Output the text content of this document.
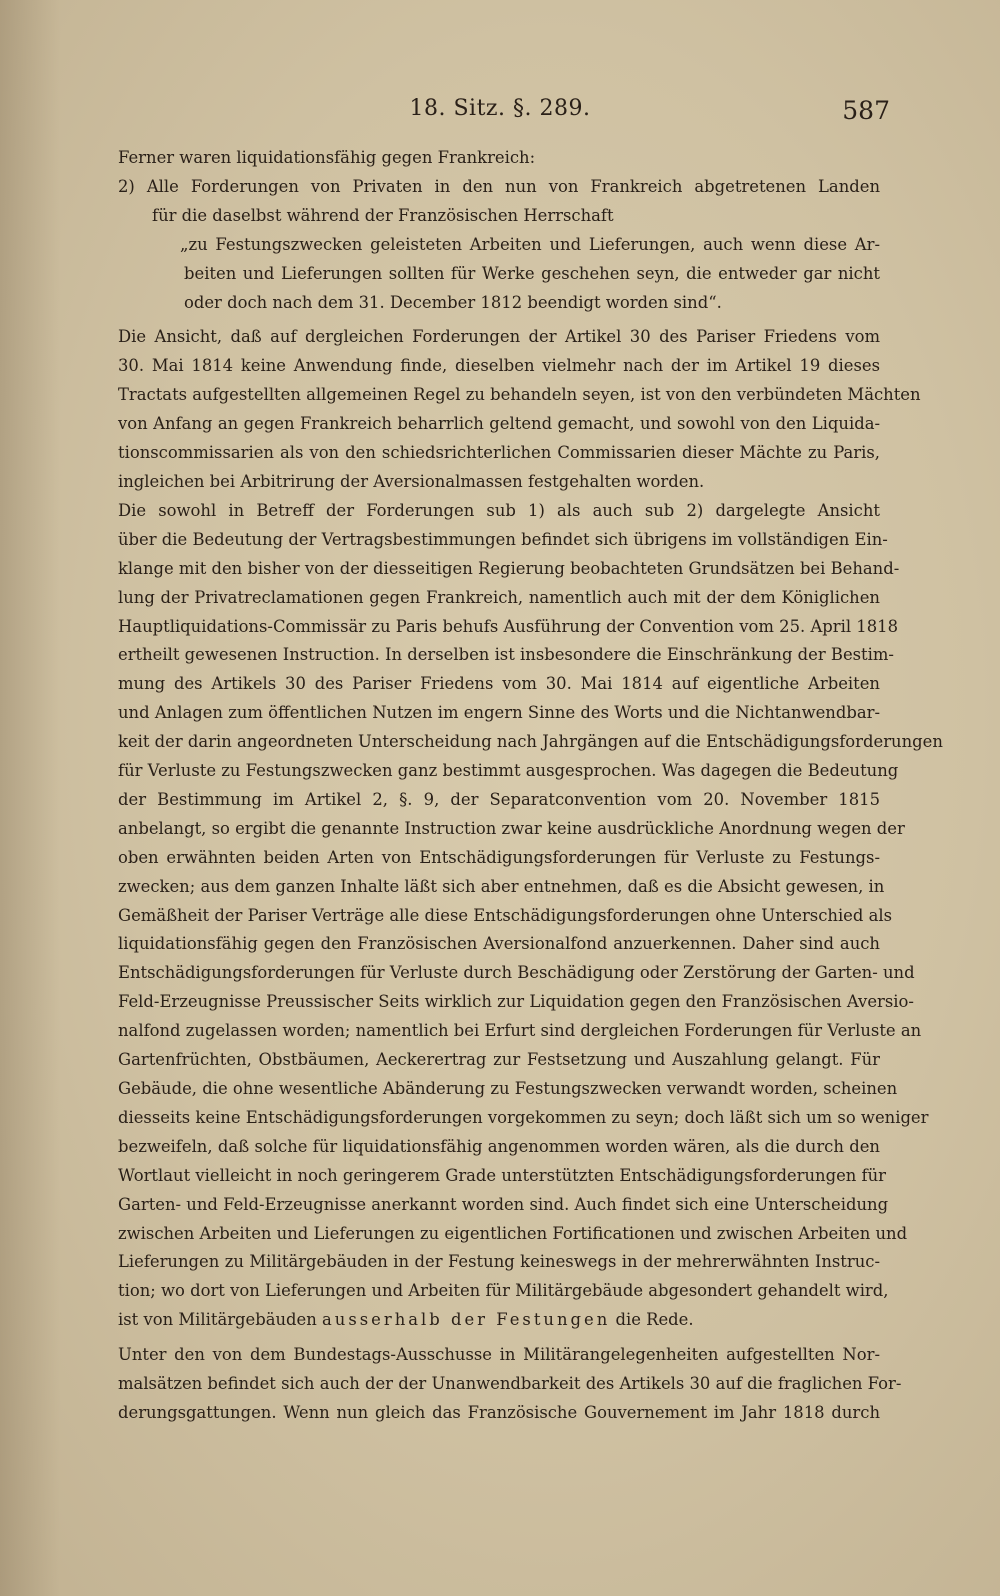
18. Sitz. §. 289.	587
Ferner waren liquidationsfähig gegen Frankreich:
2) Alle Forderungen von Privaten in den nun von Frankreich abgetretenen Landen
für die daselbst während der Französischen Herrschaft
„zu Festungszwecken geleisteten Arbeiten und Lieferungen, auch wenn diese Ar-
beiten und Lieferungen sollten für Werke geschehen seyn, die entweder gar nicht
oder doch nach dem 31. December 1812 beendigt worden sind“.
Die Ansicht, daß auf dergleichen Forderungen der Artikel 30 des Pariser Friedens vom
30. Mai 1814 keine Anwendung finde, dieselben vielmehr nach der im Artikel 19 dieses
Tractats aufgestellten allgemeinen Regel zu behandeln seyen, ist von den verbündeten Mächten
von Anfang an gegen Frankreich beharrlich geltend gemacht, und sowohl von den Liquida-
tionscommissarien als von den schiedsrichterlichen Commissarien dieser Mächte zu Paris,
ingleichen bei Arbitrirung der Aversionalmassen festgehalten worden.
Die sowohl in Betreff der Forderungen sub 1) als auch sub 2) dargelegte Ansicht
über die Bedeutung der Vertragsbestimmungen befindet sich übrigens im vollständigen Ein-
klange mit den bisher von der diesseitigen Regierung beobachteten Grundsätzen bei Behand-
lung der Privatreclamationen gegen Frankreich, namentlich auch mit der dem Königlichen
Hauptliquidations-Commissär zu Paris behufs Ausführung der Convention vom 25. April 1818
ertheilt gewesenen Instruction. In derselben ist insbesondere die Einschränkung der Bestim-
mung des Artikels 30 des Pariser Friedens vom 30. Mai 1814 auf eigentliche Arbeiten
und Anlagen zum öffentlichen Nutzen im engern Sinne des Worts und die Nichtanwendbar-
keit der darin angeordneten Unterscheidung nach Jahrgängen auf die Entschädigungsforderungen
für Verluste zu Festungszwecken ganz bestimmt ausgesprochen. Was dagegen die Bedeutung
der Bestimmung im Artikel 2, §. 9, der Separatconvention vom 20. November 1815
anbelangt, so ergibt die genannte Instruction zwar keine ausdrückliche Anordnung wegen der
oben erwähnten beiden Arten von Entschädigungsforderungen für Verluste zu Festungs-
zwecken; aus dem ganzen Inhalte läßt sich aber entnehmen, daß es die Absicht gewesen, in
Gemäßheit der Pariser Verträge alle diese Entschädigungsforderungen ohne Unterschied als
liquidationsfähig gegen den Französischen Aversionalfond anzuerkennen. Daher sind auch
Entschädigungsforderungen für Verluste durch Beschädigung oder Zerstörung der Garten- und
Feld-Erzeugnisse Preussischer Seits wirklich zur Liquidation gegen den Französischen Aversio-
nalfond zugelassen worden; namentlich bei Erfurt sind dergleichen Forderungen für Verluste an
Gartenfrüchten, Obstbäumen, Aeckerertrag zur Festsetzung und Auszahlung gelangt. Für
Gebäude, die ohne wesentliche Abänderung zu Festungszwecken verwandt worden, scheinen
diesseits keine Entschädigungsforderungen vorgekommen zu seyn; doch läßt sich um so weniger
bezweifeln, daß solche für liquidationsfähig angenommen worden wären, als die durch den
Wortlaut vielleicht in noch geringerem Grade unterstützten Entschädigungsforderungen für
Garten- und Feld-Erzeugnisse anerkannt worden sind. Auch findet sich eine Unterscheidung
zwischen Arbeiten und Lieferungen zu eigentlichen Fortificationen und zwischen Arbeiten und
Lieferungen zu Militärgebäuden in der Festung keineswegs in der mehrerwähnten Instruc-
tion; wo dort von Lieferungen und Arbeiten für Militärgebäude abgesondert gehandelt wird,
ist von Militärgebäuden ausserhalb der Festungen die Rede.
Unter den von dem Bundestags-Ausschusse in Militärangelegenheiten aufgestellten Nor-
malsätzen befindet sich auch der der Unanwendbarkeit des Artikels 30 auf die fraglichen For-
derungsgattungen. Wenn nun gleich das Französische Gouvernement im Jahr 1818 durch
